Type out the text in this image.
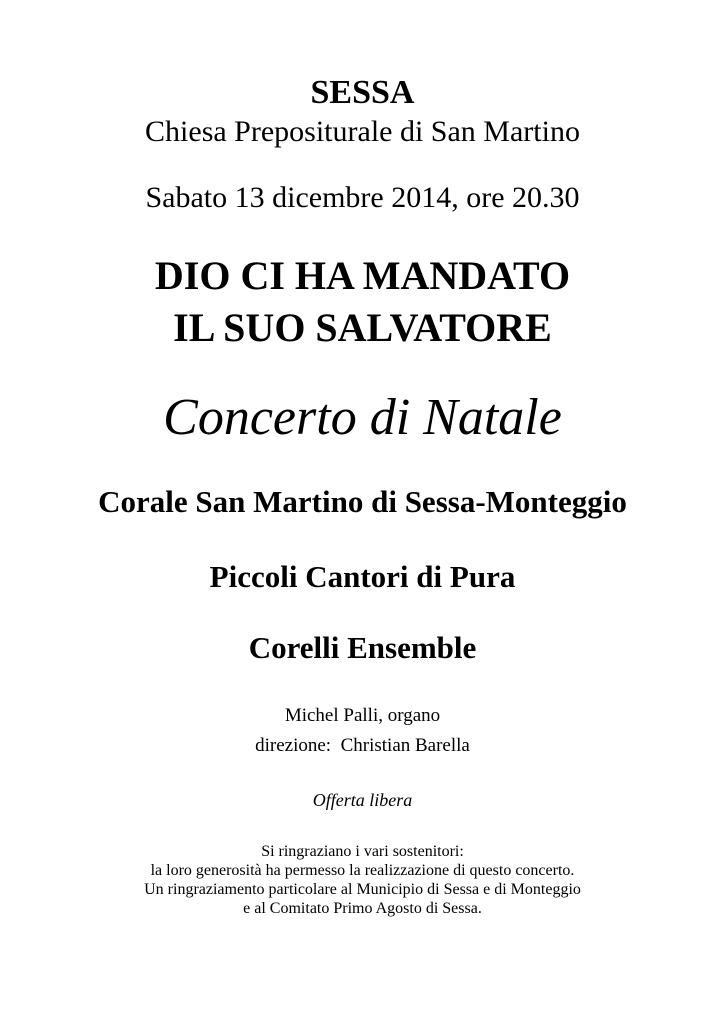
SESSA
Chiesa Prepositurale di San Martino
Sabato 13 dicembre 2014, ore 20.30
DIO CI HA MANDATO
IL SUO SALVATORE
Concerto di Natale
Corale San Martino di Sessa-Monteggio
Piccoli Cantori di Pura
Corelli Ensemble
Michel Palli, organo
direzione:  Christian Barella
Offerta libera
Si ringraziano i vari sostenitori:
la loro generosità ha permesso la realizzazione di questo concerto.
Un ringraziamento particolare al Municipio di Sessa e di Monteggio
e al Comitato Primo Agosto di Sessa.
